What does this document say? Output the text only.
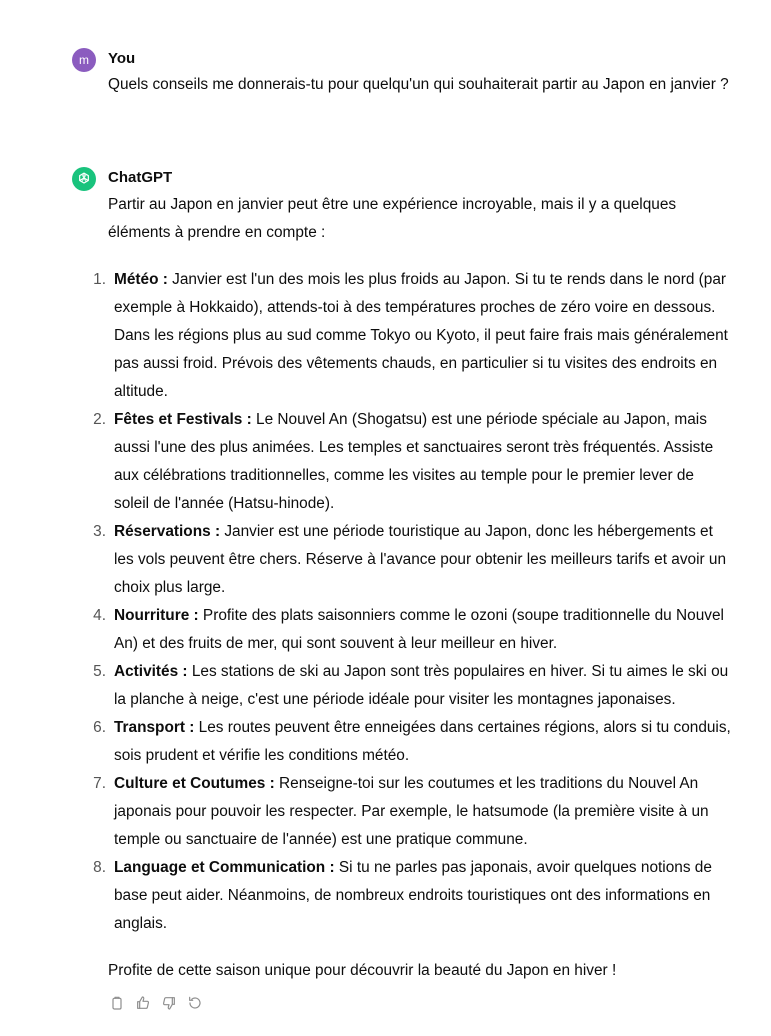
m You
Quels conseils me donnerais-tu pour quelqu'un qui souhaiterait partir au Japon en janvier ?
ChatGPT

Partir au Japon en janvier peut être une expérience incroyable, mais il y a quelques éléments à prendre en compte :

1. Météo : Janvier est l'un des mois les plus froids au Japon. Si tu te rends dans le nord (par exemple à Hokkaido), attends-toi à des températures proches de zéro voire en dessous. Dans les régions plus au sud comme Tokyo ou Kyoto, il peut faire frais mais généralement pas aussi froid. Prévois des vêtements chauds, en particulier si tu visites des endroits en altitude.
2. Fêtes et Festivals : Le Nouvel An (Shogatsu) est une période spéciale au Japon, mais aussi l'une des plus animées. Les temples et sanctuaires seront très fréquentés. Assiste aux célébrations traditionnelles, comme les visites au temple pour le premier lever de soleil de l'année (Hatsu-hinode).
3. Réservations : Janvier est une période touristique au Japon, donc les hébergements et les vols peuvent être chers. Réserve à l'avance pour obtenir les meilleurs tarifs et avoir un choix plus large.
4. Nourriture : Profite des plats saisonniers comme le ozoni (soupe traditionnelle du Nouvel An) et des fruits de mer, qui sont souvent à leur meilleur en hiver.
5. Activités : Les stations de ski au Japon sont très populaires en hiver. Si tu aimes le ski ou la planche à neige, c'est une période idéale pour visiter les montagnes japonaises.
6. Transport : Les routes peuvent être enneigées dans certaines régions, alors si tu conduis, sois prudent et vérifie les conditions météo.
7. Culture et Coutumes : Renseigne-toi sur les coutumes et les traditions du Nouvel An japonais pour pouvoir les respecter. Par exemple, le hatsumode (la première visite à un temple ou sanctuaire de l'année) est une pratique commune.
8. Language et Communication : Si tu ne parles pas japonais, avoir quelques notions de base peut aider. Néanmoins, de nombreux endroits touristiques ont des informations en anglais.

Profite de cette saison unique pour découvrir la beauté du Japon en hiver !
